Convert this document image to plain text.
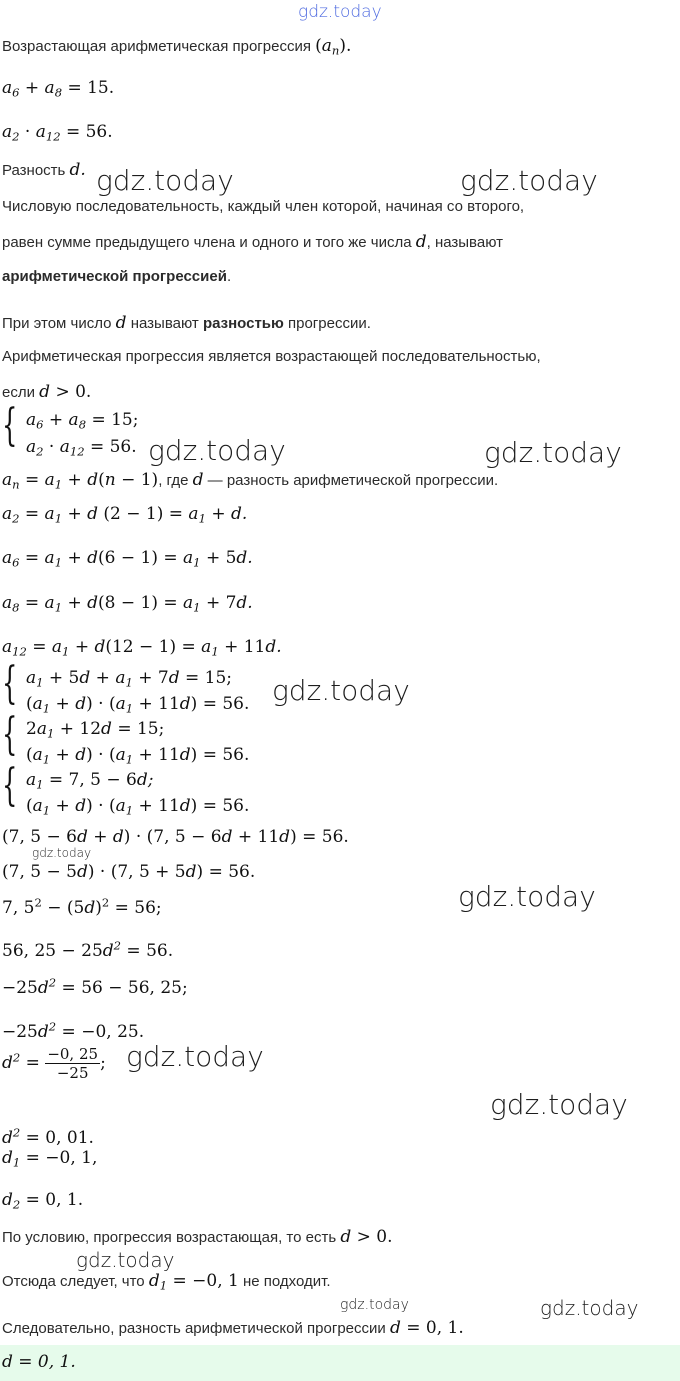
gdz.today
Возрастающая арифметическая прогрессия $(a_n)$.
$a_6 + a_8 = 15$.
$a_2 \cdot a_{12} = 56$.
Разность d. gdz.today	gdz.today
Числовую последовательность, каждый член которой, начиная со второго,
равен сумме предыдущего члена и одного и того же числа d, называют
арифметической прогрессией.
При этом число d называют разностью прогрессии.
Арифметическая прогрессия является возрастающей последовательностью,
если d > 0.
{ $a_6 + a_8 = 15$;
$a_2 \cdot a_{12} = 56$. gdz.today	gdz.today
$a_n = a_1 + d(n - 1)$, где d — разность арифметической прогрессии.
$a_2 = a_1 + d$ $(2 - 1) = a_1 + d$.
$a_6 = a_1 + d(6 - 1) = a_1 + 5d$.
$a_8 = a_1 + d(8 - 1) = a_1 + 7d$.
$a_{12} = a_1 + d(12 - 1) = a_1 + 11d$.
{ $a_1 + 5d + a_1 + 7d = 15$;
$(a_1 + d) \cdot (a_1 + 11d) = 56$. gdz.today
{ $2a_1 + 12d = 15$;
$(a_1 + d) \cdot (a_1 + 11d) = 56$.
{ $a_1 = 7$, 5 − 6d;
$(a_1 + d) \cdot (a_1 + 11d) = 56$.
(7, 5 − 6d + d) · (7, 5 − 6d + 11d) = 56.
gdz.today
(7, 5 − 5d) · (7, 5 + 5d) = 56.
7, $5^2 - (5d)^2 = 56$;	gdz.today
56, $25 - 25d^2 = 56$.
$-25d^2 = 56 - 56$, 25;
$-25d^2 = -0$, 25.
$d^2 = \frac{-0, 25}{-25}$ ; gdz.today
gdz.today
$d^2 = 0$, 01.
$d_1 = -0$, 1,
$d_2 = 0$, 1.
По условию, прогрессия возрастающая, то есть d > 0.
gdz.today
Отсюда следует, что $d_1 = -0$, 1 не подходит.
gdz.today	gdz.today
Следовательно, разность арифметической прогрессии d = 0, 1.
d = 0, 1.
